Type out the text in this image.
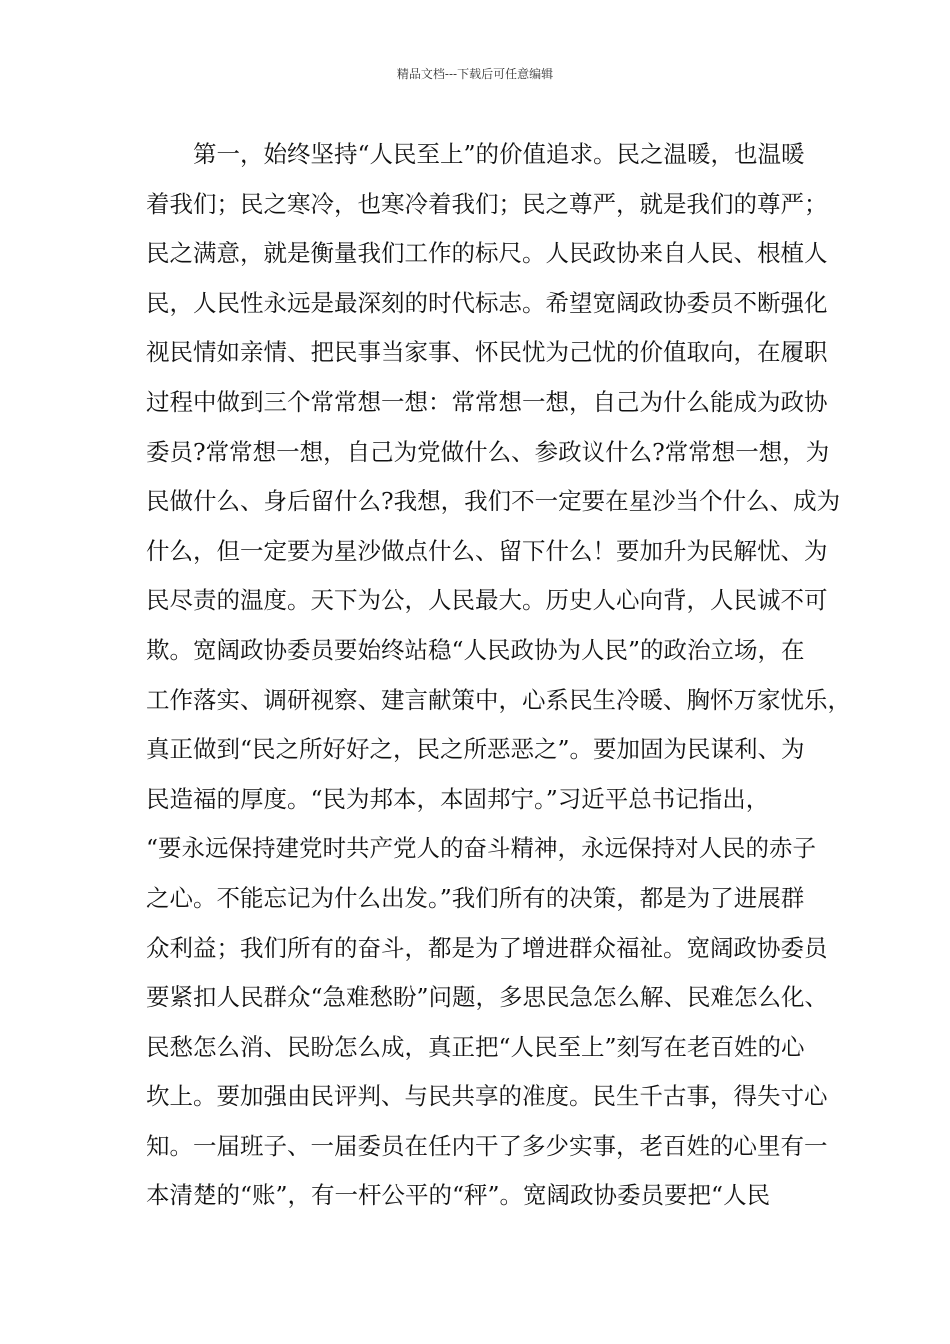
精品文档---下载后可任意编辑
第一，始终坚持“人民至上”的价值追求。民之温暖，也温暖
着我们；民之寒冷，也寒冷着我们；民之尊严，就是我们的尊严；
民之满意，就是衡量我们工作的标尺。人民政协来自人民、根植人
民，人民性永远是最深刻的时代标志。希望宽阔政协委员不断强化
视民情如亲情、把民事当家事、怀民忧为己忧的价值取向，在履职
过程中做到三个常常想一想：常常想一想，自己为什么能成为政协
委员?常常想一想，自己为党做什么、参政议什么?常常想一想，为
民做什么、身后留什么?我想，我们不一定要在星沙当个什么、成为
什么，但一定要为星沙做点什么、留下什么！要加升为民解忧、为
民尽责的温度。天下为公，人民最大。历史人心向背，人民诚不可
欺。宽阔政协委员要始终站稳“人民政协为人民”的政治立场，在
工作落实、调研视察、建言献策中，心系民生冷暖、胸怀万家忧乐，
真正做到“民之所好好之，民之所恶恶之”。要加固为民谋利、为
民造福的厚度。“民为邦本，本固邦宁。”习近平总书记指出，
“要永远保持建党时共产党人的奋斗精神，永远保持对人民的赤子
之心。不能忘记为什么出发。”我们所有的决策，都是为了进展群
众利益；我们所有的奋斗，都是为了增进群众福祉。宽阔政协委员
要紧扣人民群众“急难愁盼”问题，多思民急怎么解、民难怎么化、
民愁怎么消、民盼怎么成，真正把“人民至上”刻写在老百姓的心
坎上。要加强由民评判、与民共享的准度。民生千古事，得失寸心
知。一届班子、一届委员在任内干了多少实事，老百姓的心里有一
本清楚的“账”，有一杆公平的“秤”。宽阔政协委员要把“人民
